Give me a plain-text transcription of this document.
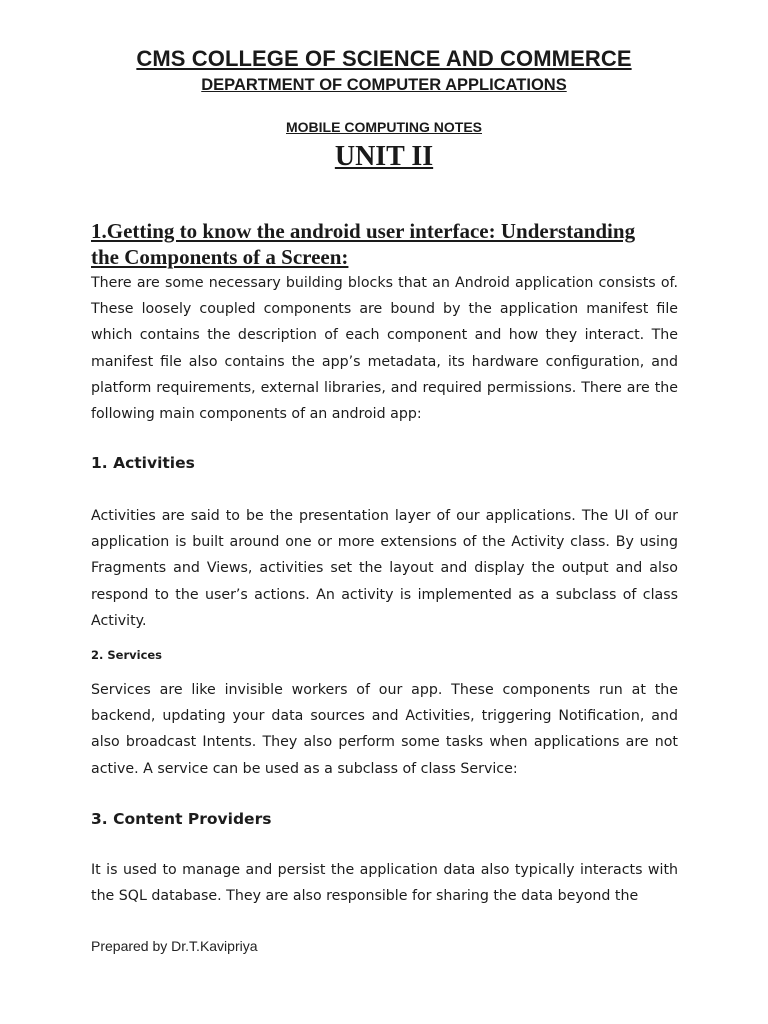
CMS COLLEGE OF SCIENCE AND COMMERCE
DEPARTMENT OF COMPUTER APPLICATIONS
MOBILE COMPUTING NOTES
UNIT II
1.Getting to know the android user interface: Understanding
the Components of a Screen:
There are some necessary building blocks that an Android application consists of. These loosely coupled components are bound by the application manifest file which contains the description of each component and how they interact. The manifest file also contains the app’s metadata, its hardware configuration, and platform requirements, external libraries, and required permissions. There are the following main components of an android app:
1. Activities
Activities are said to be the presentation layer of our applications. The UI of our application is built around one or more extensions of the Activity class. By using Fragments and Views, activities set the layout and display the output and also respond to the user’s actions. An activity is implemented as a subclass of class Activity.
2. Services
Services are like invisible workers of our app. These components run at the backend, updating your data sources and Activities, triggering Notification, and also broadcast Intents. They also perform some tasks when applications are not active. A service can be used as a subclass of class Service:
3. Content Providers
It is used to manage and persist the application data also typically interacts with the SQL database. They are also responsible for sharing the data beyond the
Prepared by Dr.T.Kavipriya
